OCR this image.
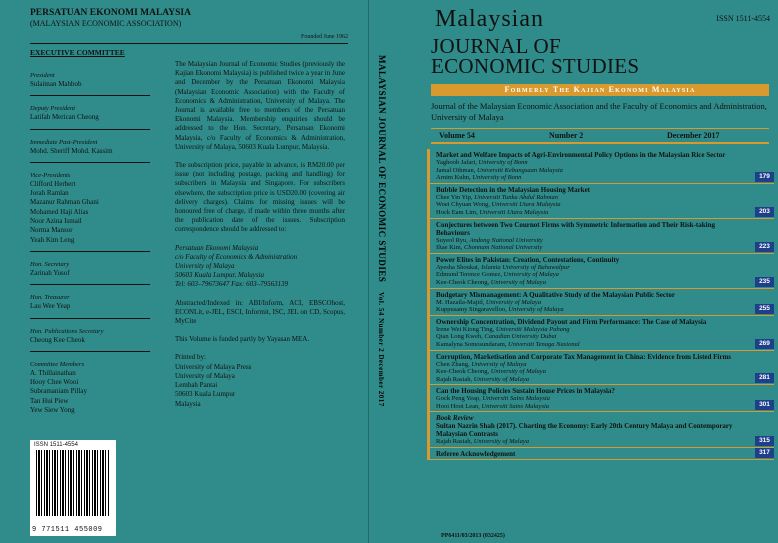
PERSATUAN EKONOMI MALAYSIA
(MALAYSIAN ECONOMIC ASSOCIATION)
Founded June 1962
EXECUTIVE COMMITTEE
President
Sulaiman Mahbob
Deputy President
Latifah Merican Cheong
Immediate Past-President
Mohd. Sheriff Mohd. Kassim
Vice-Presidents
Clifford Herbert
Jorah Ramlan
Mazanur Rahman Ghani
Mohamed Haji Alias
Noor Azina Ismail
Norma Mansor
Yeah Kim Leng
Hon. Secretary
Zarinah Yusof
Hon. Treasurer
Lau Wee Yeap
Hon. Publications Secretary
Cheong Kee Cheok
Committee Members
A. Thillainathan
Hooy Chee Wooi
Subramaniam Pillay
Tan Hui Piew
Yew Siew Yong

The Malaysian Journal of Economic Studies (previously the Kajian Ekonomi Malaysia) is published twice a year in June and December by the Persatuan Ekonomi Malaysia (Malaysian Economic Association) with the Faculty of Economics & Administration, University of Malaya. The Journal is available free to members of the Persatuan Ekonomi Malaysia. Membership enquiries should be addressed to the Hon. Secretary, Persatuan Ekonomi Malaysia, c/o Faculty of Economics & Administration, University of Malaya, 50603 Kuala Lumpur, Malaysia.

The subscription price, payable in advance, is RM20.00 per issue (not including postage, packing and handling) for subscribers in Malaysia and Singapore. For subscribers elsewhere, the subscription price is USD20.00 (covering air delivery charges). Claims for missing issues will be honoured free of charge, if made within three months after the publication date of the issues. Subscription correspondence should be addressed to:

Persatuan Ekonomi Malaysia
c/o Faculty of Economics & Administration
University of Malaya
50603 Kuala Lumpur, Malaysia
Tel: 603–79673647 Fax: 603–79563139

Abstracted/Indexed in: ABI/Inform, ACI, EBSCOhost, ECONLit, e-JEL, ESCI, Informit, ISC, JEL on CD, Scopus, MyCite

This Volume is funded partly by Yayasan MEA.

Printed by:
University of Malaya Press
University of Malaya
Lembah Pantai
50603 Kuala Lumpur
Malaysia

ISSN 1511-4554
9 771511 455009
MALAYSIAN JOURNAL OF ECONOMIC STUDIES
Vol. 54 Number 2 December 2017
Malaysian	ISSN 1511-4554
JOURNAL OF
ECONOMIC STUDIES
Formerly The Kajian Ekonomi Malaysia
Journal of the Malaysian Economic Association and the Faculty of Economics and Administration, University of Malaya
Volume 54	Number 2	December 2017
Market and Welfare Impacts of Agri-Environmental Policy Options in the Malaysian Rice Sector
Yaghoob Jafari, University of Bonn
Jamal Othman, Universiti Kebangsaan Malaysia
Arnim Kuhn, University of Bonn	179
Bubble Detection in the Malaysian Housing Market
Chee Yin Yip, Universiti Tunku Abdul Rahman
Woei Chyuan Wong, Universiti Utara Malaysia
Hock Eam Lim, Universiti Utara Malaysia	203
Conjectures between Two Cournot Firms with Symmetric Information and Their Risk-taking Behaviours
Suyeol Ryu, Andong National University
Iltae Kim, Chonnam National University	223
Power Elites in Pakistan: Creation, Contestations, Continuity
Ayesha Shoukat, Islamia University of Bahawalpur
Edmund Terence Gomez, University of Malaya
Kee-Cheok Cheong, University of Malaya	235
Budgetary Mismanagement: A Qualitative Study of the Malaysian Public Sector
M. Hazaila-Majid, University of Malaya
Kuppusamy Singaravelloo, University of Malaya	255
Ownership Concentration, Dividend Payout and Firm Performance: The Case of Malaysia
Irene Wei Kiong Ting, Universiti Malaysia Pahang
Qian Long Kweh, Canadian University Dubai
Kamalyna Somosundaram, Universiti Tenaga Nasional	269
Corruption, Marketisation and Corporate Tax Management in China: Evidence from Listed Firms
Chen Zhang, University of Malaya
Kee-Cheok Cheong, University of Malaya
Rajah Rasiah, University of Malaya	281
Can the Housing Policies Sustain House Prices in Malaysia?
Gock Peng Yeap, Universiti Sains Malaysia
Hooi Hooi Lean, Universiti Sains Malaysia	301
Book Review
Sultan Nazrin Shah (2017). Charting the Economy: Early 20th Century Malaya and Contemporary Malaysian Contrasts
Rajah Rasiah, University of Malaya	315
Referee Acknowledgement	317
PP6411/03/2013 (032425)
